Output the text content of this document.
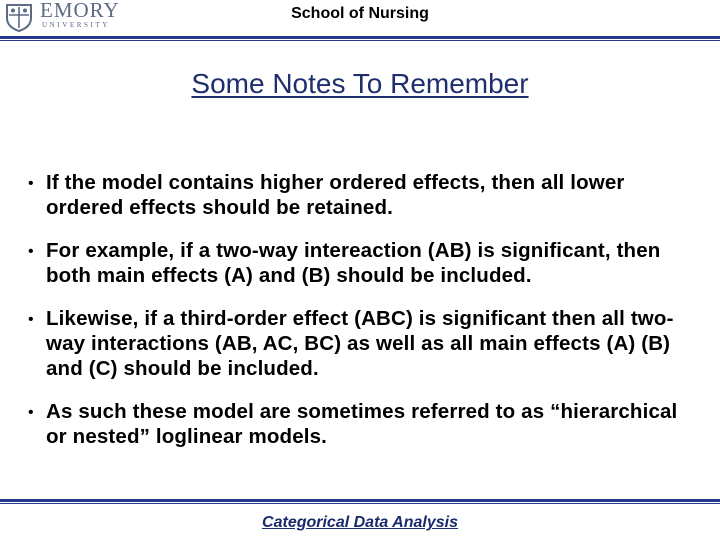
EMORY
UNIVERSITY
School of Nursing
Some Notes To Remember
• If the model contains higher ordered effects, then all lower ordered effects should be retained.
• For example, if a two-way intereaction (AB) is significant, then both main effects (A) and (B) should be included.
• Likewise, if a third-order effect (ABC) is significant then all two-way interactions (AB, AC, BC) as well as all main effects (A) (B) and (C) should be included.
• As such these model are sometimes referred to as “hierarchical or nested” loglinear models.
Categorical Data Analysis
